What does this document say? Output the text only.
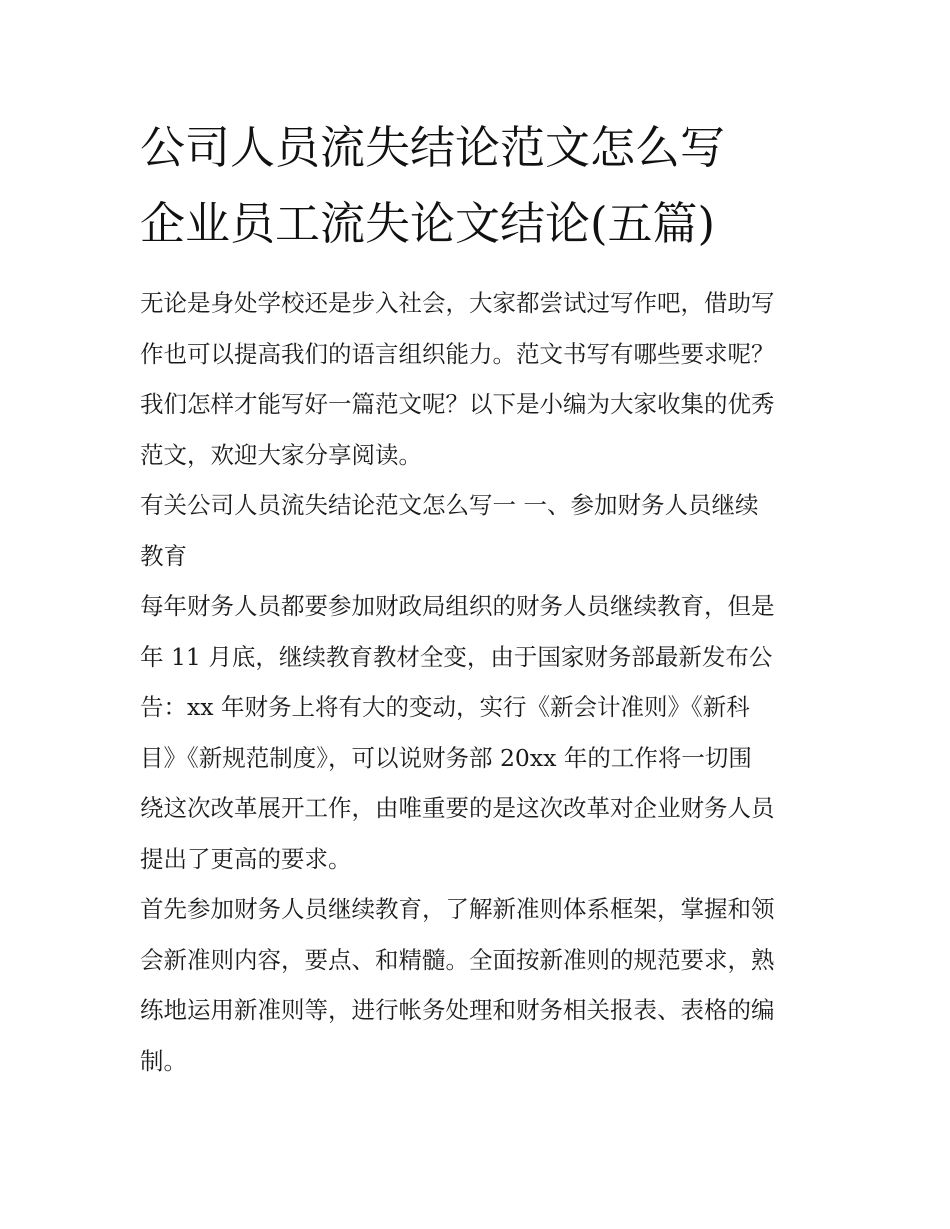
公司人员流失结论范文怎么写
企业员工流失论文结论(五篇)

无论是身处学校还是步入社会，大家都尝试过写作吧，借助写
作也可以提高我们的语言组织能力。范文书写有哪些要求呢？
我们怎样才能写好一篇范文呢？以下是小编为大家收集的优秀
范文，欢迎大家分享阅读。

有关公司人员流失结论范文怎么写一 一、参加财务人员继续
教育

每年财务人员都要参加财政局组织的财务人员继续教育，但是
年 11 月底，继续教育教材全变，由于国家财务部最新发布公
告：xx 年财务上将有大的变动，实行《新会计准则》《新科
目》《新规范制度》，可以说财务部 20xx 年的工作将一切围
绕这次改革展开工作，由唯重要的是这次改革对企业财务人员
提出了更高的要求。

首先参加财务人员继续教育，了解新准则体系框架，掌握和领
会新准则内容，要点、和精髓。全面按新准则的规范要求，熟
练地运用新准则等，进行帐务处理和财务相关报表、表格的编
制。
